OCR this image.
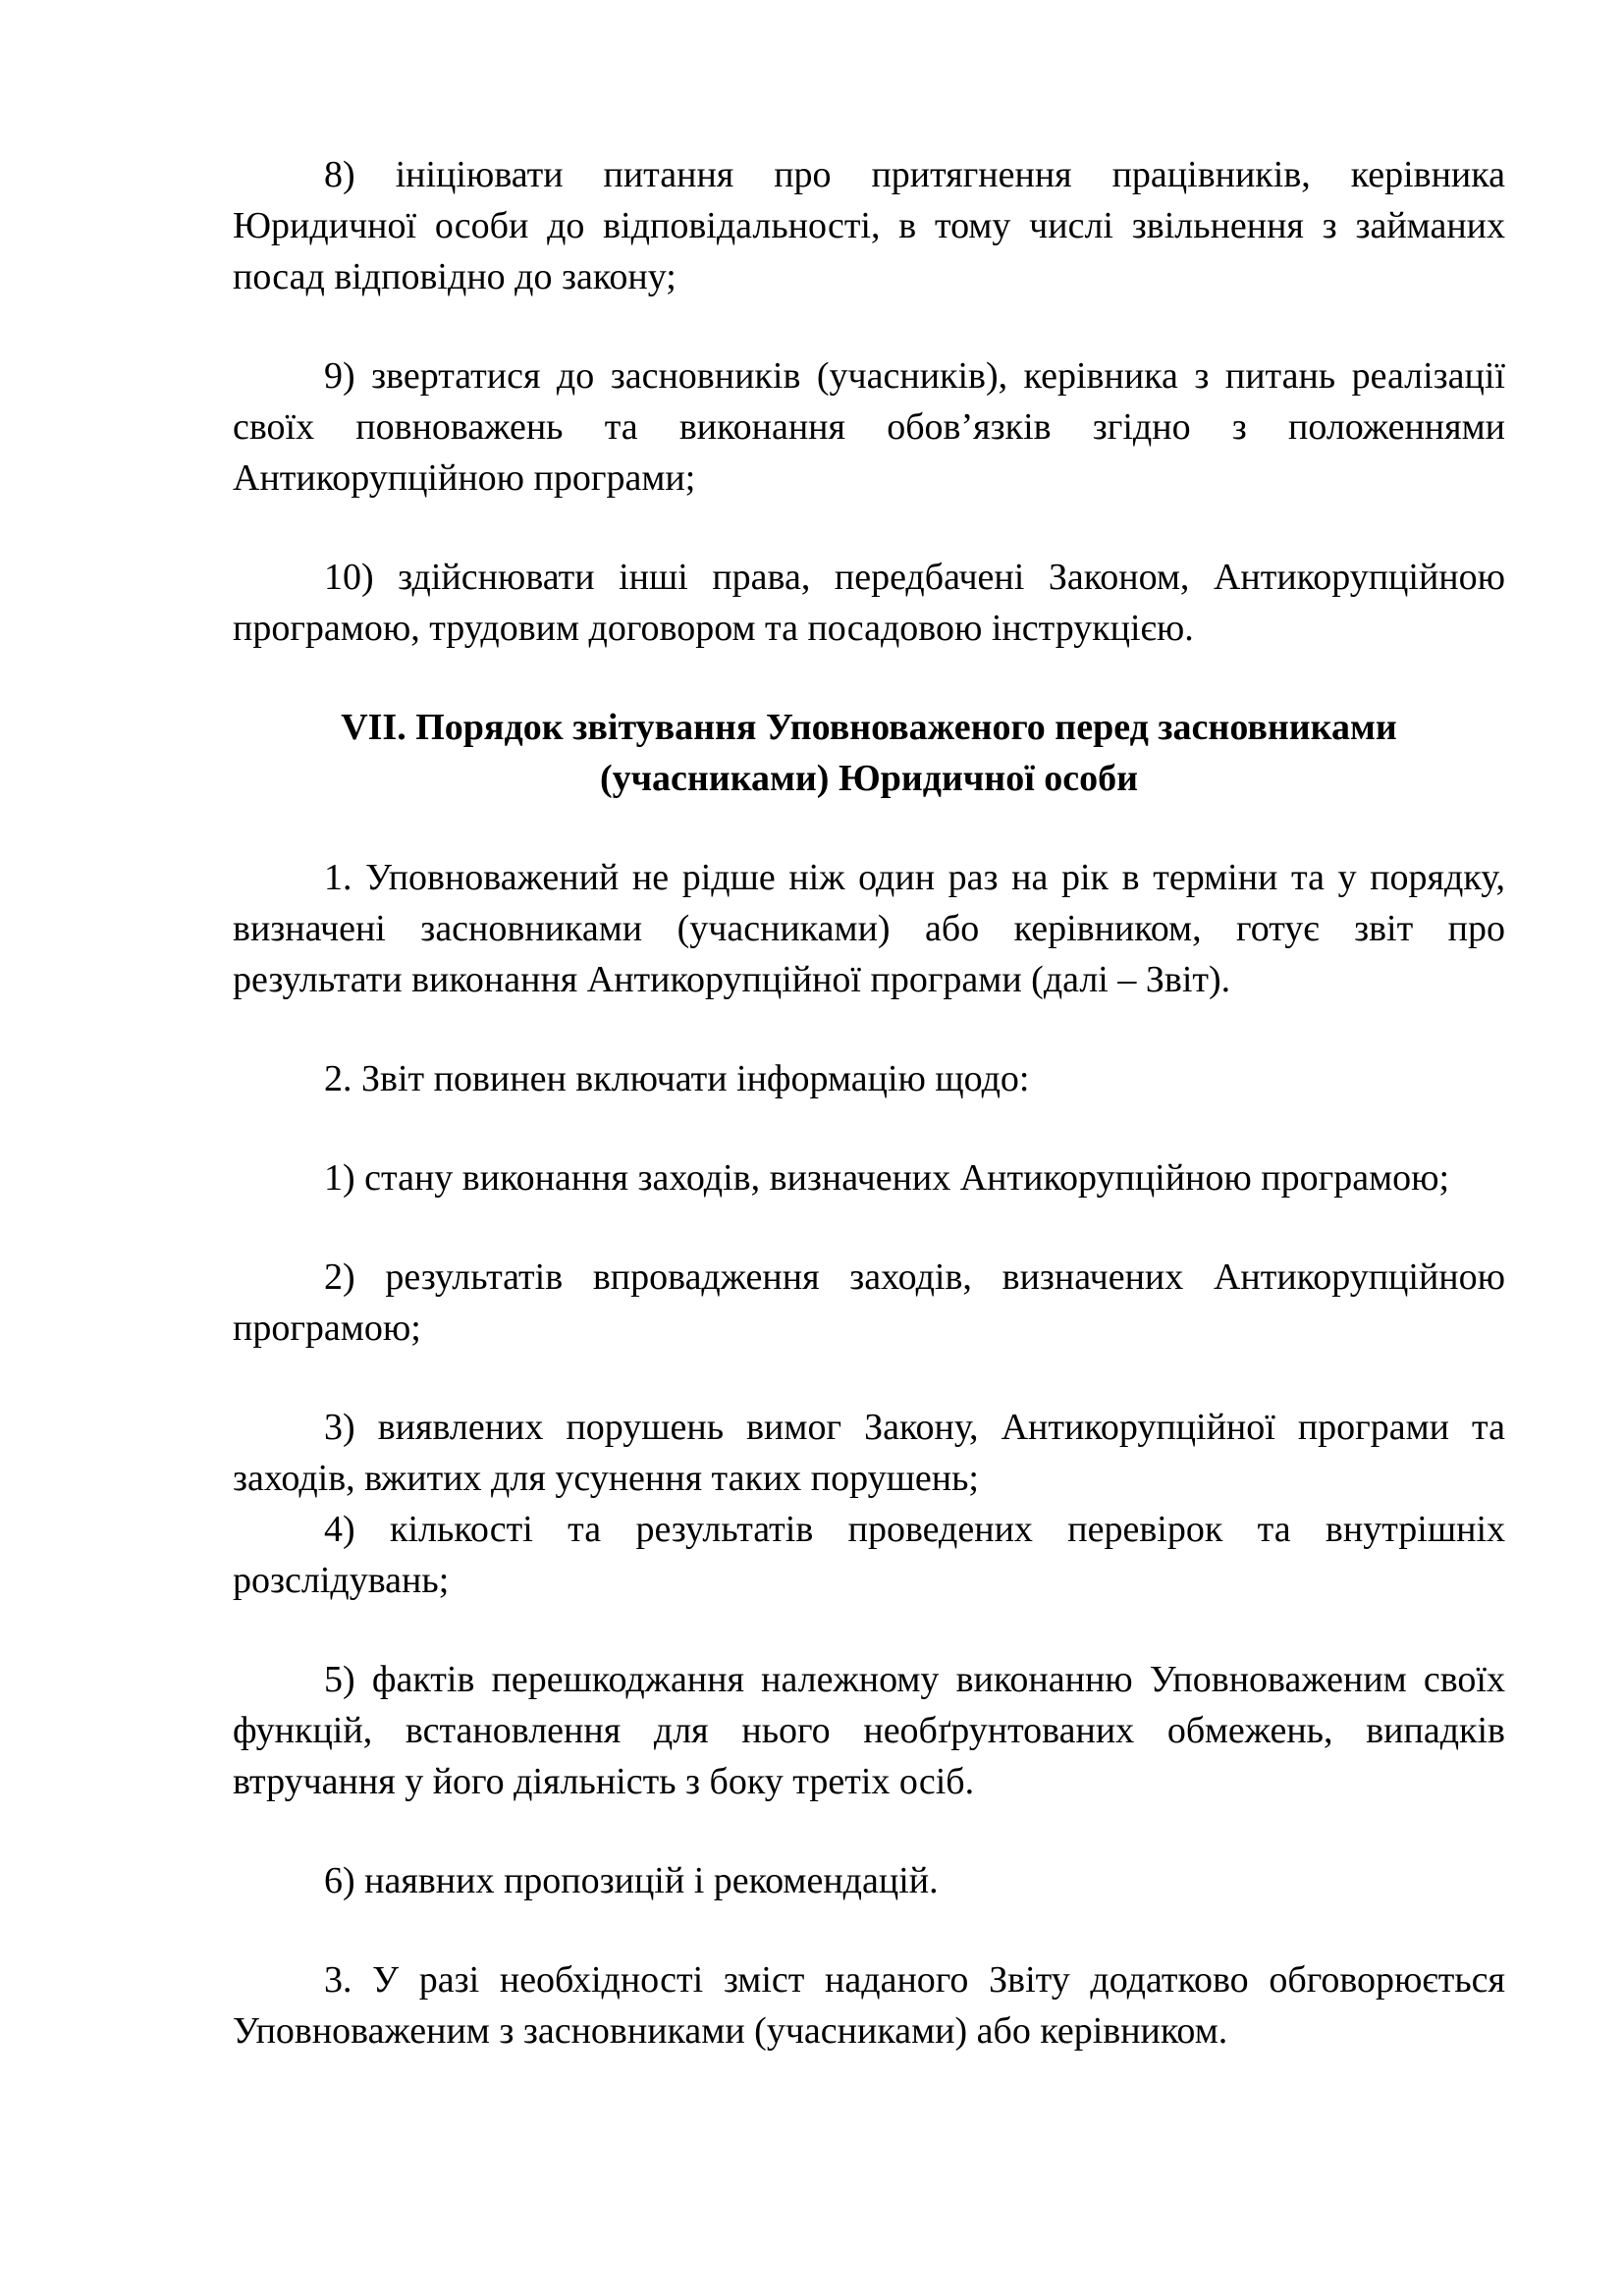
8) ініціювати питання про притягнення працівників, керівника Юридичної особи до відповідальності, в тому числі звільнення з займаних посад відповідно до закону;

9) звертатися до засновників (учасників), керівника з питань реалізації своїх повноважень та виконання обов’язків згідно з положеннями Антикорупційною програми;

10) здійснювати інші права, передбачені Законом, Антикорупційною програмою, трудовим договором та посадовою інструкцією.

VII. Порядок звітування Уповноваженого перед засновниками
(учасниками) Юридичної особи

1. Уповноважений не рідше ніж один раз на рік в терміни та у порядку, визначені засновниками (учасниками) або керівником, готує звіт про результати виконання Антикорупційної програми (далі – Звіт).

2. Звіт повинен включати інформацію щодо:

1) стану виконання заходів, визначених Антикорупційною програмою;

2) результатів впровадження заходів, визначених Антикорупційною програмою;

3) виявлених порушень вимог Закону, Антикорупційної програми та заходів, вжитих для усунення таких порушень;

4) кількості та результатів проведених перевірок та внутрішніх розслідувань;

5) фактів перешкоджання належному виконанню Уповноваженим своїх функцій, встановлення для нього необґрунтованих обмежень, випадків втручання у його діяльність з боку третіх осіб.

6) наявних пропозицій і рекомендацій.

3. У разі необхідності зміст наданого Звіту додатково обговорюється Уповноваженим з засновниками (учасниками) або керівником.
